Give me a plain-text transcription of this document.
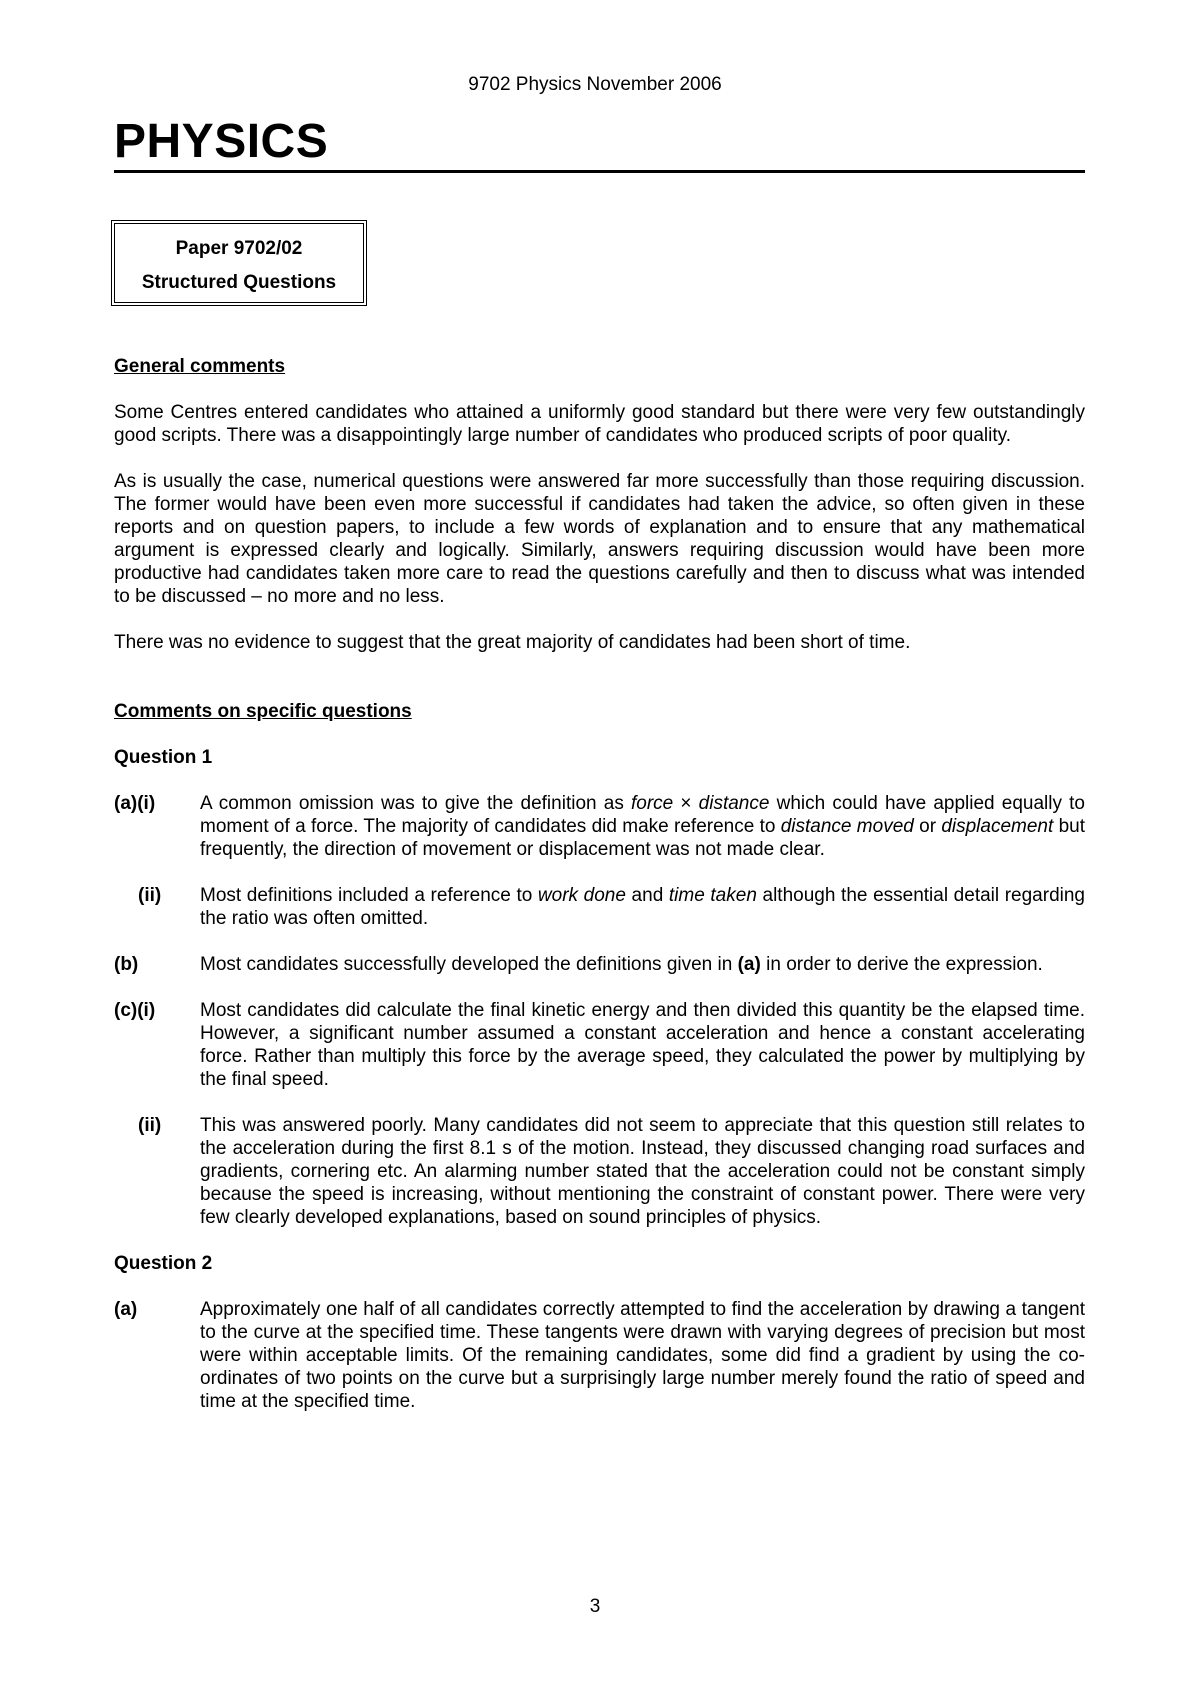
9702 Physics November 2006
PHYSICS
Paper 9702/02
Structured Questions

General comments

Some Centres entered candidates who attained a uniformly good standard but there were very few outstandingly good scripts. There was a disappointingly large number of candidates who produced scripts of poor quality.

As is usually the case, numerical questions were answered far more successfully than those requiring discussion. The former would have been even more successful if candidates had taken the advice, so often given in these reports and on question papers, to include a few words of explanation and to ensure that any mathematical argument is expressed clearly and logically. Similarly, answers requiring discussion would have been more productive had candidates taken more care to read the questions carefully and then to discuss what was intended to be discussed – no more and no less.

There was no evidence to suggest that the great majority of candidates had been short of time.

Comments on specific questions

Question 1

(a)(i)	A common omission was to give the definition as force × distance which could have applied equally to moment of a force. The majority of candidates did make reference to distance moved or displacement but frequently, the direction of movement or displacement was not made clear.
(ii)	Most definitions included a reference to work done and time taken although the essential detail regarding the ratio was often omitted.
(b)	Most candidates successfully developed the definitions given in (a) in order to derive the expression.
(c)(i)	Most candidates did calculate the final kinetic energy and then divided this quantity be the elapsed time. However, a significant number assumed a constant acceleration and hence a constant accelerating force. Rather than multiply this force by the average speed, they calculated the power by multiplying by the final speed.
(ii)	This was answered poorly. Many candidates did not seem to appreciate that this question still relates to the acceleration during the first 8.1 s of the motion. Instead, they discussed changing road surfaces and gradients, cornering etc. An alarming number stated that the acceleration could not be constant simply because the speed is increasing, without mentioning the constraint of constant power. There were very few clearly developed explanations, based on sound principles of physics.

Question 2

(a)	Approximately one half of all candidates correctly attempted to find the acceleration by drawing a tangent to the curve at the specified time. These tangents were drawn with varying degrees of precision but most were within acceptable limits. Of the remaining candidates, some did find a gradient by using the co-ordinates of two points on the curve but a surprisingly large number merely found the ratio of speed and time at the specified time.
3
